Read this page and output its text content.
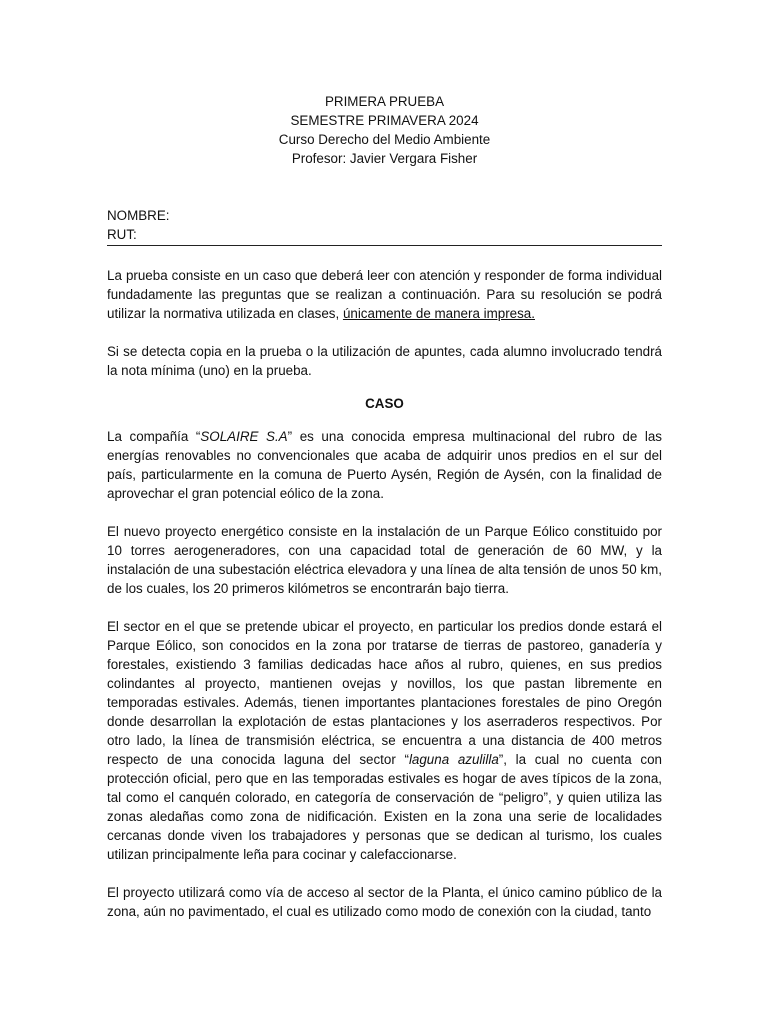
PRIMERA PRUEBA
SEMESTRE PRIMAVERA 2024
Curso Derecho del Medio Ambiente
Profesor: Javier Vergara Fisher
NOMBRE:
RUT:

La prueba consiste en un caso que deberá leer con atención y responder de forma individual fundadamente las preguntas que se realizan a continuación. Para su resolución se podrá utilizar la normativa utilizada en clases, únicamente de manera impresa.

Si se detecta copia en la prueba o la utilización de apuntes, cada alumno involucrado tendrá la nota mínima (uno) en la prueba.

CASO

La compañía “SOLAIRE S.A” es una conocida empresa multinacional del rubro de las energías renovables no convencionales que acaba de adquirir unos predios en el sur del país, particularmente en la comuna de Puerto Aysén, Región de Aysén, con la finalidad de aprovechar el gran potencial eólico de la zona.

El nuevo proyecto energético consiste en la instalación de un Parque Eólico constituido por 10 torres aerogeneradores, con una capacidad total de generación de 60 MW, y la instalación de una subestación eléctrica elevadora y una línea de alta tensión de unos 50 km, de los cuales, los 20 primeros kilómetros se encontrarán bajo tierra.

El sector en el que se pretende ubicar el proyecto, en particular los predios donde estará el Parque Eólico, son conocidos en la zona por tratarse de tierras de pastoreo, ganadería y forestales, existiendo 3 familias dedicadas hace años al rubro, quienes, en sus predios colindantes al proyecto, mantienen ovejas y novillos, los que pastan libremente en temporadas estivales. Además, tienen importantes plantaciones forestales de pino Oregón donde desarrollan la explotación de estas plantaciones y los aserraderos respectivos. Por otro lado, la línea de transmisión eléctrica, se encuentra a una distancia de 400 metros respecto de una conocida laguna del sector “laguna azulilla”, la cual no cuenta con protección oficial, pero que en las temporadas estivales es hogar de aves típicos de la zona, tal como el canquén colorado, en categoría de conservación de “peligro”, y quien utiliza las zonas aledañas como zona de nidificación. Existen en la zona una serie de localidades cercanas donde viven los trabajadores y personas que se dedican al turismo, los cuales utilizan principalmente leña para cocinar y calefaccionarse.

El proyecto utilizará como vía de acceso al sector de la Planta, el único camino público de la zona, aún no pavimentado, el cual es utilizado como modo de conexión con la ciudad, tanto
